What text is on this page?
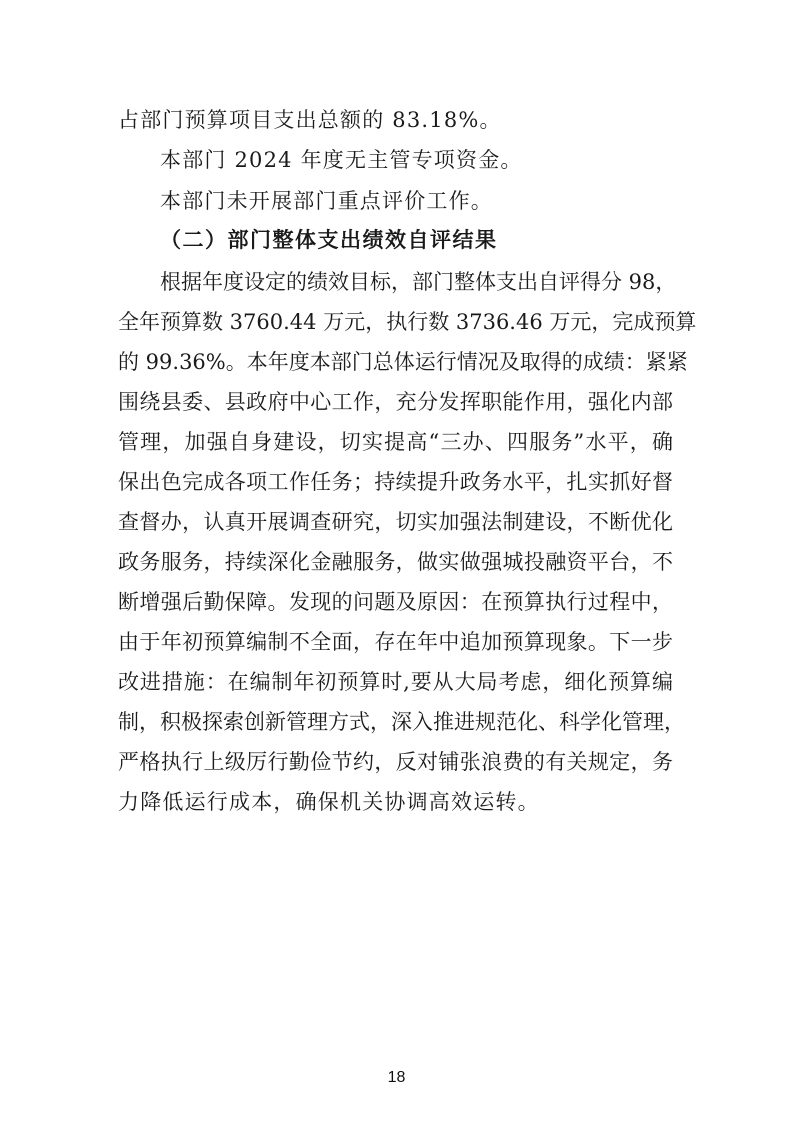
占部门预算项目支出总额的 83.18%。
本部门 2024 年度无主管专项资金。
本部门未开展部门重点评价工作。
（二）部门整体支出绩效自评结果
根据年度设定的绩效目标，部门整体支出自评得分 98，
全年预算数 3760.44 万元，执行数 3736.46 万元，完成预算
的 99.36%。本年度本部门总体运行情况及取得的成绩：紧紧
围绕县委、县政府中心工作，充分发挥职能作用，强化内部
管理，加强自身建设，切实提高“三办、四服务”水平，确
保出色完成各项工作任务；持续提升政务水平，扎实抓好督
查督办，认真开展调查研究，切实加强法制建设，不断优化
政务服务，持续深化金融服务，做实做强城投融资平台，不
断增强后勤保障。发现的问题及原因：在预算执行过程中，
由于年初预算编制不全面，存在年中追加预算现象。下一步
改进措施：在编制年初预算时,要从大局考虑，细化预算编
制，积极探索创新管理方式，深入推进规范化、科学化管理，
严格执行上级厉行勤俭节约，反对铺张浪费的有关规定，务
力降低运行成本，确保机关协调高效运转。
18
